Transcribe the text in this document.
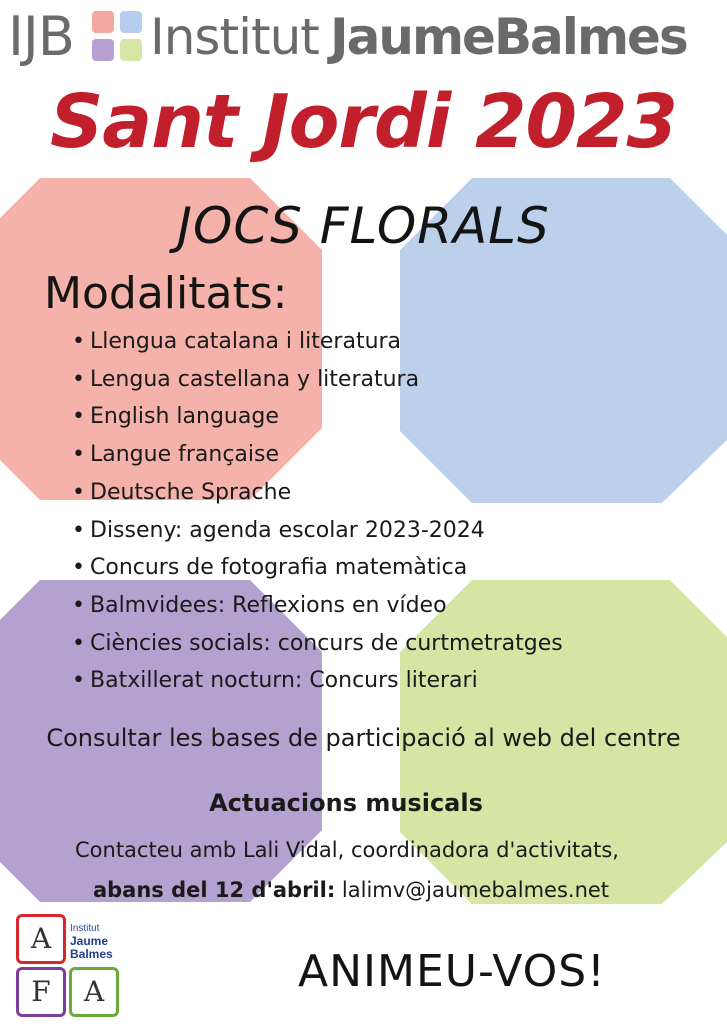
IJB Institut JaumeBalmes
Sant Jordi 2023
JOCS FLORALS
Modalitats:
• Llengua catalana i literatura
• Lengua castellana y literatura
• English language
• Langue française
• Deutsche Sprache
• Disseny: agenda escolar 2023-2024
• Concurs de fotografia matemàtica
• Balmvidees: Reflexions en vídeo
• Ciències socials: concurs de curtmetratges
• Batxillerat nocturn: Concurs literari
Consultar les bases de participació al web del centre
Actuacions musicals
Contacteu amb Lali Vidal, coordinadora d'activitats,
abans del 12 d'abril: lalimv@jaumebalmes.net
A
F	A
Institut
Jaume
Balmes	ANIMEU-VOS!
